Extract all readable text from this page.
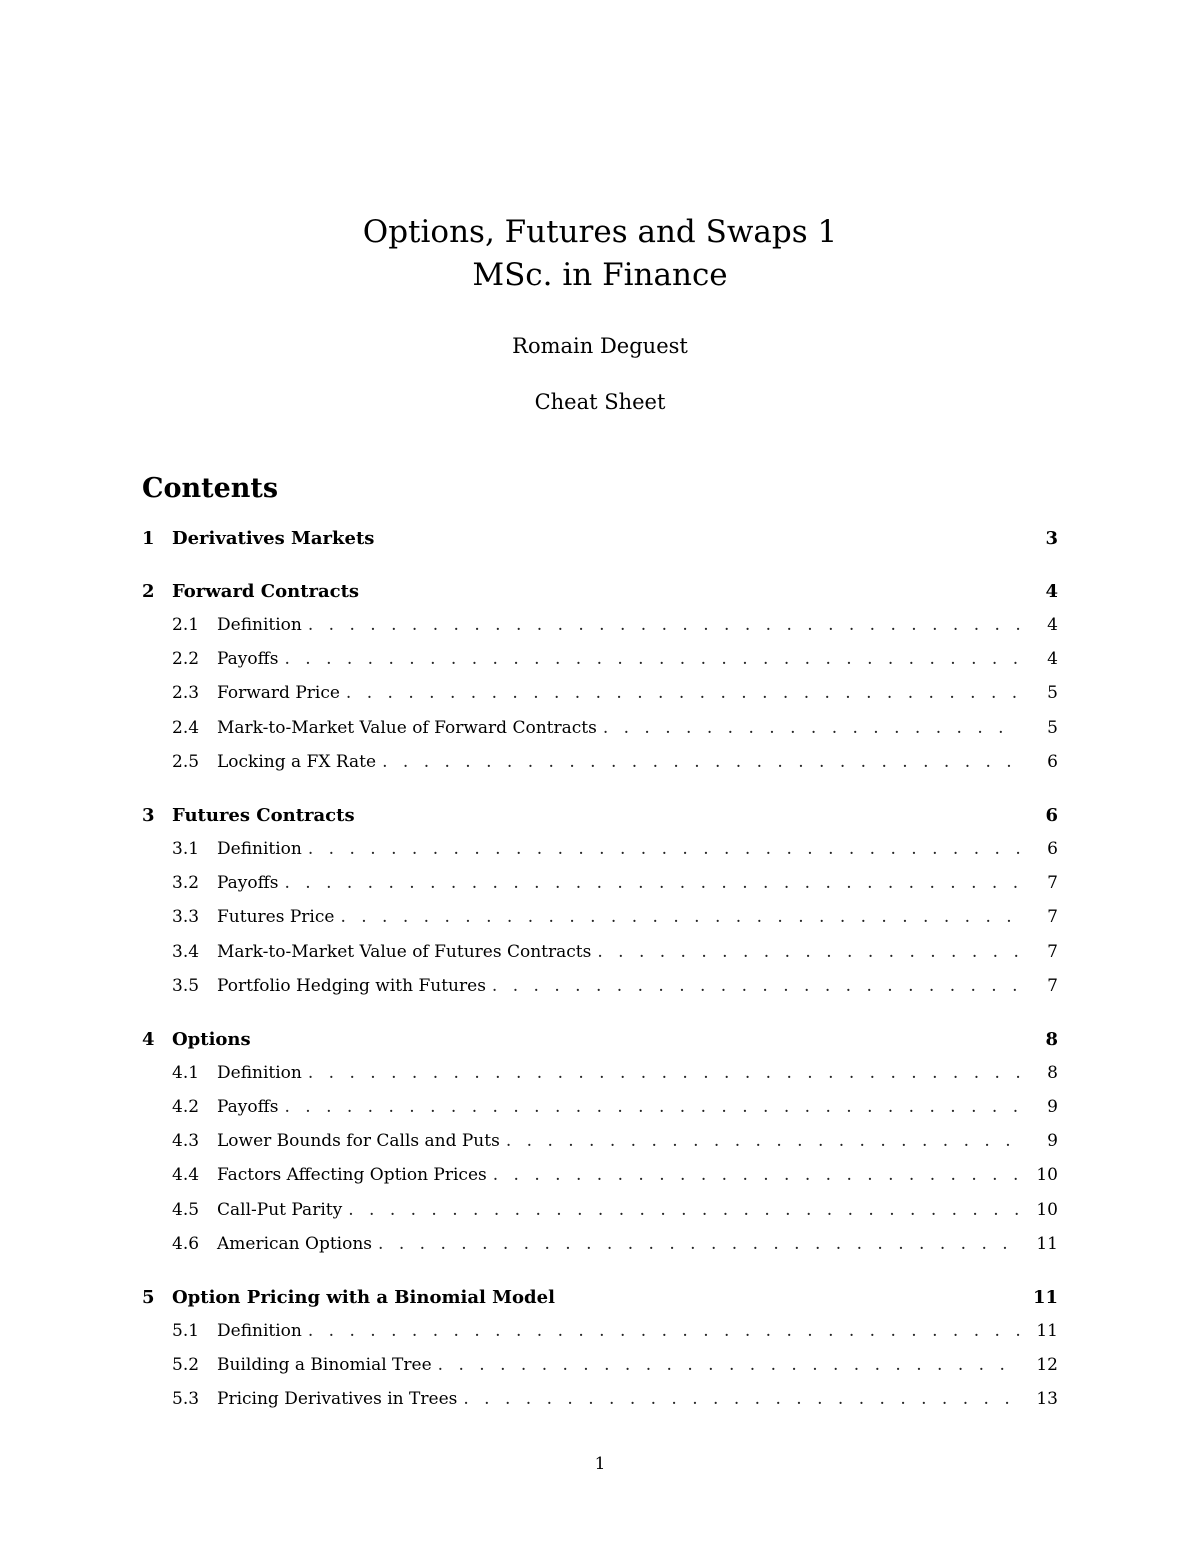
Options, Futures and Swaps 1
MSc. in Finance
Romain Deguest
Cheat Sheet
Contents
1 Derivatives Markets	3
2 Forward Contracts	4
2.1	Definition . . .	4
2.2	Payoffs . . .	4
2.3	Forward Price . . .	5
2.4	Mark-to-Market Value of Forward Contracts . . .	5
2.5	Locking a FX Rate . . .	6
3 Futures Contracts	6
3.1	Definition . . .	6
3.2	Payoffs . . .	7
3.3	Futures Price . . .	7
3.4	Mark-to-Market Value of Futures Contracts . . .	7
3.5	Portfolio Hedging with Futures . . .	7
4 Options	8
4.1	Definition . . .	8
4.2	Payoffs . . .	9
4.3	Lower Bounds for Calls and Puts . . .	9
4.4	Factors Affecting Option Prices . . .	10
4.5	Call-Put Parity . . .	10
4.6	American Options . . .	11
5 Option Pricing with a Binomial Model	11
5.1	Definition . . .	11
5.2	Building a Binomial Tree . . .	12
5.3	Pricing Derivatives in Trees . . .	13
1
